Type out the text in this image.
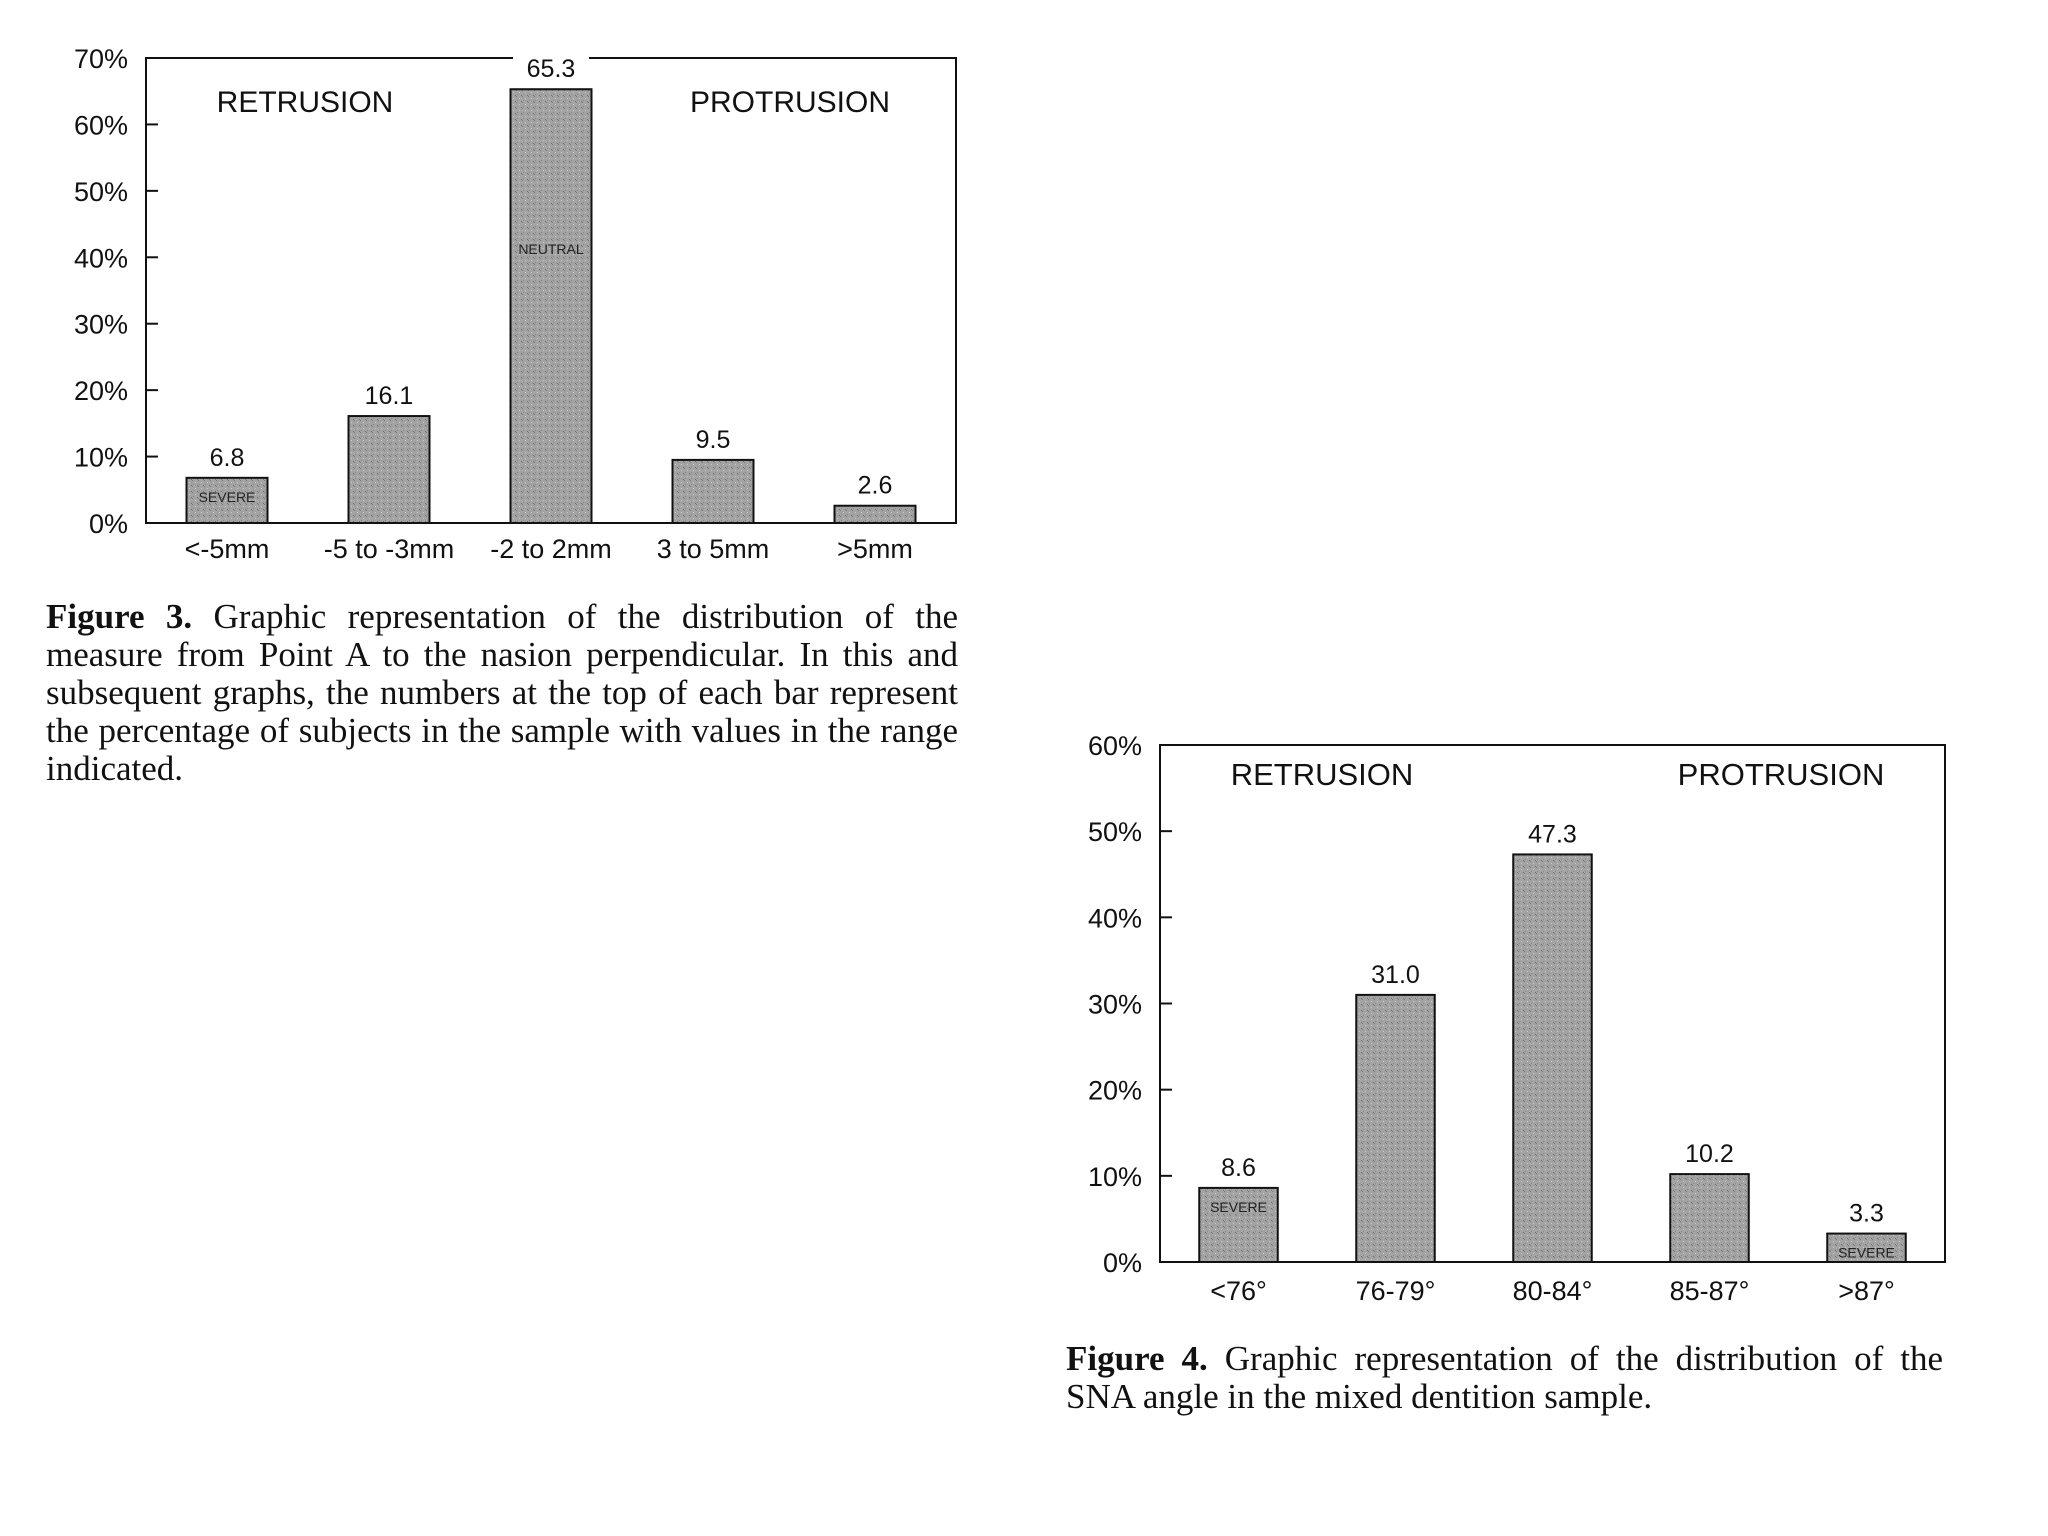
0%
10%
20%
30%
40%
50%
60%
70%
RETRUSION	PROTRUSION
6.8
SEVERE
<-5mm
16.1
-5 to -3mm
65.3
NEUTRAL
-2 to 2mm
9.5
3 to 5mm
2.6
>5mm

Figure 3. Graphic representation of the distribution of the measure from Point A to the nasion perpendicular. In this and subsequent graphs, the numbers at the top of each bar represent the percentage of subjects in the sample with values in the range indicated.

0%
10%
20%
30%
40%
50%
60%
RETRUSION	PROTRUSION
8.6
SEVERE
<76°
31.0
76-79°
47.3
80-84°
10.2
85-87°
3.3
SEVERE
>87°

Figure 4. Graphic representation of the distribution of the SNA angle in the mixed dentition sample.
